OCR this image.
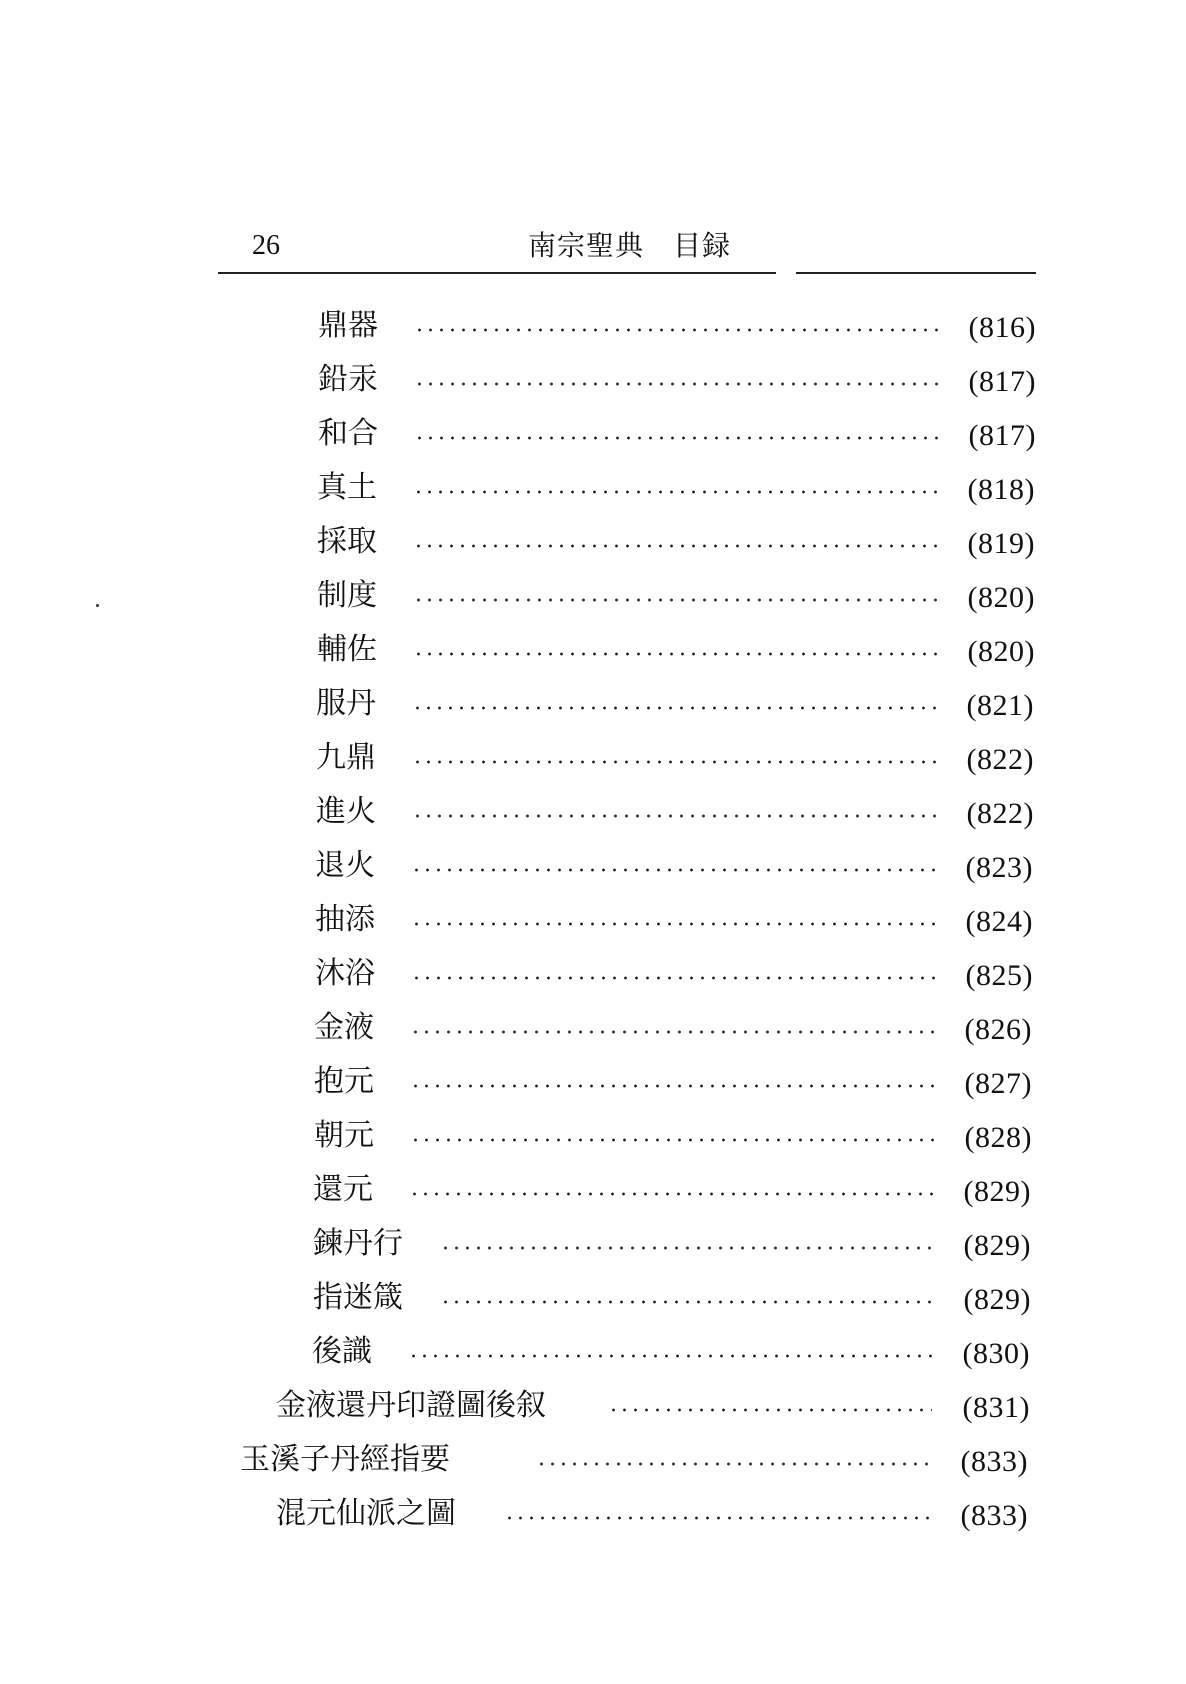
26	南宗聖典　目録
鼎器	(816)
鉛汞	(817)
和合	(817)
真土	(818)
採取	(819)
制度	(820)
輔佐	(820)
服丹	(821)
九鼎	(822)
進火	(822)
退火	(823)
抽添	(824)
沐浴	(825)
金液	(826)
抱元	(827)
朝元	(828)
還元	(829)
鍊丹行	(829)
指迷箴	(829)
後識	(830)
金液還丹印證圖後叙	(831)
玉溪子丹經指要	(833)
混元仙派之圖	(833)
